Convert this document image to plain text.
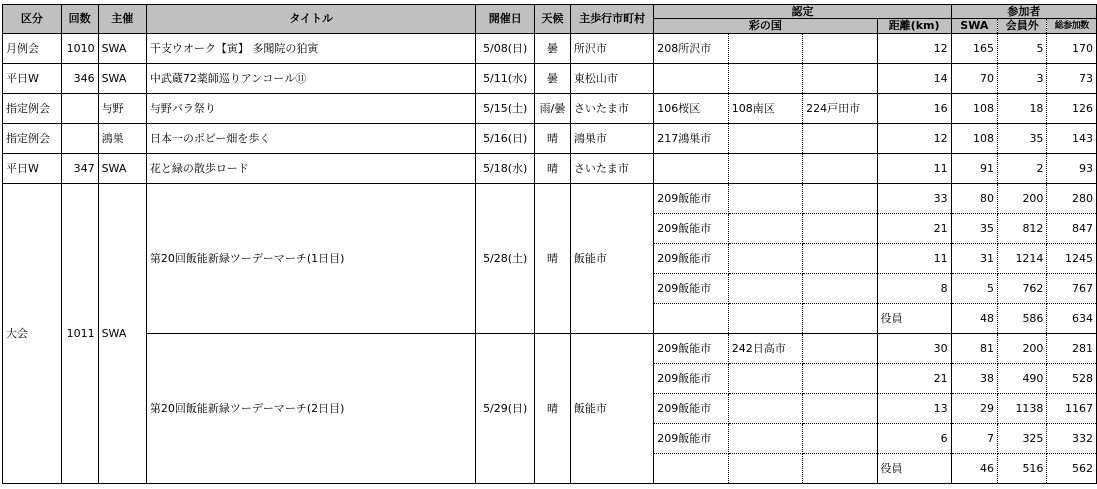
区分	回数	主催	タイトル	開催日	天候	主歩行市町村	認定				参加者		
							彩の国			距離(km)	SWA	会員外	総参加数
月例会	1010	SWA	干支ウオーク【寅】 多聞院の狛寅	5/08(日)	曇	所沢市	208所沢市			12	165	5	170
平日W	346	SWA	中武蔵72薬師巡りアンコール⑪	5/11(水)	曇	東松山市				14	70	3	73
指定例会		与野	与野バラ祭り	5/15(土)	雨/曇	さいたま市	106桜区	108南区	224戸田市	16	108	18	126
指定例会		鴻巣	日本一のポピー畑を歩く	5/16(日)	晴	鴻巣市	217鴻巣市			12	108	35	143
平日W	347	SWA	花と緑の散歩ロード	5/18(水)	晴	さいたま市				11	91	2	93
大会	1011	SWA	第20回飯能新緑ツーデーマーチ(1日目)	5/28(土)	晴	飯能市	209飯能市			33	80	200	280
							209飯能市			21	35	812	847
							209飯能市			11	31	1214	1245
							209飯能市			8	5	762	767
										役員	48	586	634
			第20回飯能新緑ツーデーマーチ(2日目)	5/29(日)	晴	飯能市	209飯能市	242日高市		30	81	200	281
							209飯能市			21	38	490	528
							209飯能市			13	29	1138	1167
							209飯能市			6	7	325	332
										役員	46	516	562
